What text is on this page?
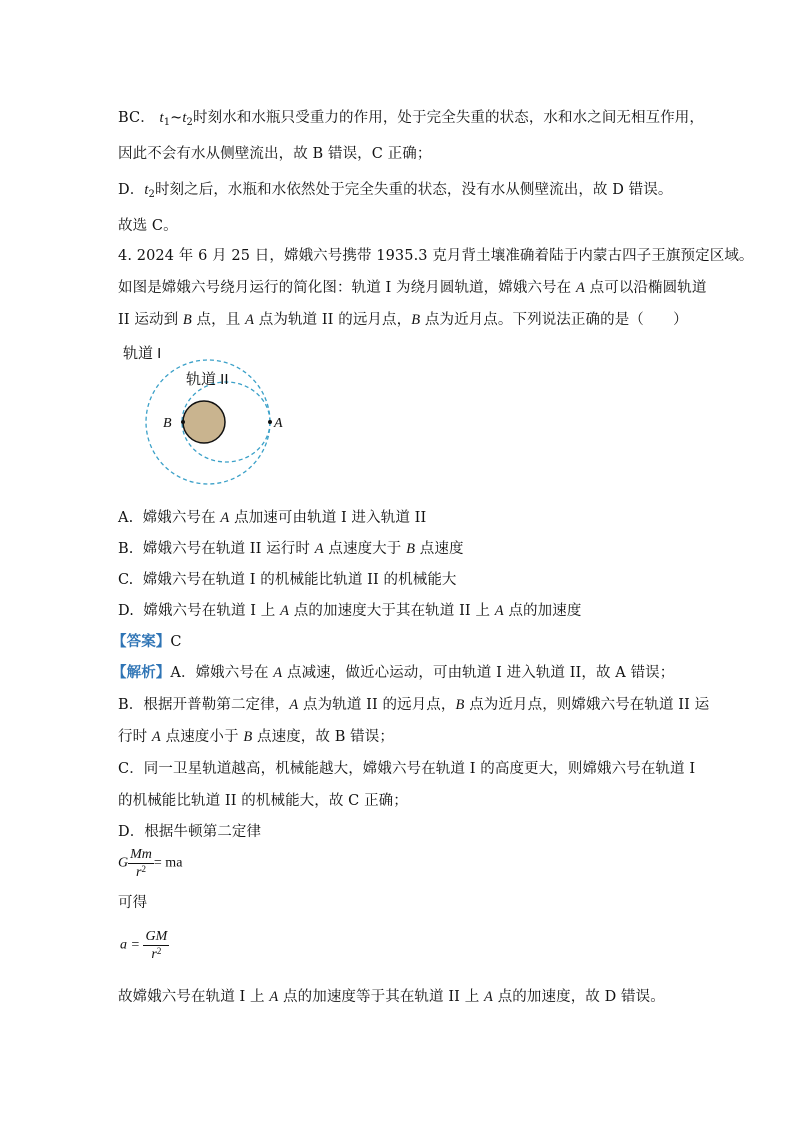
BC． $t_1\sim t_2$时刻水和水瓶只受重力的作用，处于完全失重的状态，水和水之间无相互作用，
因此不会有水从侧壁流出，故 B 错误，C 正确；
D．$t_2$时刻之后，水瓶和水依然处于完全失重的状态，没有水从侧壁流出，故 D 错误。
故选 C。
4. 2024 年 6 月 25 日，嫦娥六号携带 1935.3 克月背土壤准确着陆于内蒙古四子王旗预定区域。
如图是嫦娥六号绕月运行的简化图：轨道 I 为绕月圆轨道，嫦娥六号在 A 点可以沿椭圆轨道
II 运动到 B 点，且 A 点为轨道 II 的远月点，B 点为近月点。下列说法正确的是（　　）
轨道 I
轨道 II
B	A
A. 嫦娥六号在 A 点加速可由轨道 I 进入轨道 II
B. 嫦娥六号在轨道 II 运行时 A 点速度大于 B 点速度
C. 嫦娥六号在轨道 I 的机械能比轨道 II 的机械能大
D. 嫦娥六号在轨道 I 上 A 点的加速度大于其在轨道 II 上 A 点的加速度
【答案】C
【解析】A．嫦娥六号在 A 点减速，做近心运动，可由轨道 I 进入轨道 II，故 A 错误；
B．根据开普勒第二定律，A 点为轨道 II 的远月点，B 点为近月点，则嫦娥六号在轨道 II 运
行时 A 点速度小于 B 点速度，故 B 错误；
C．同一卫星轨道越高，机械能越大，嫦娥六号在轨道 I 的高度更大，则嫦娥六号在轨道 I
的机械能比轨道 II 的机械能大，故 C 正确；
D．根据牛顿第二定律
G $\frac{Mm}{r^2}$ = ma
可得
$a = \frac{GM}{r^2}$
故嫦娥六号在轨道 I 上 A 点的加速度等于其在轨道 II 上 A 点的加速度，故 D 错误。
